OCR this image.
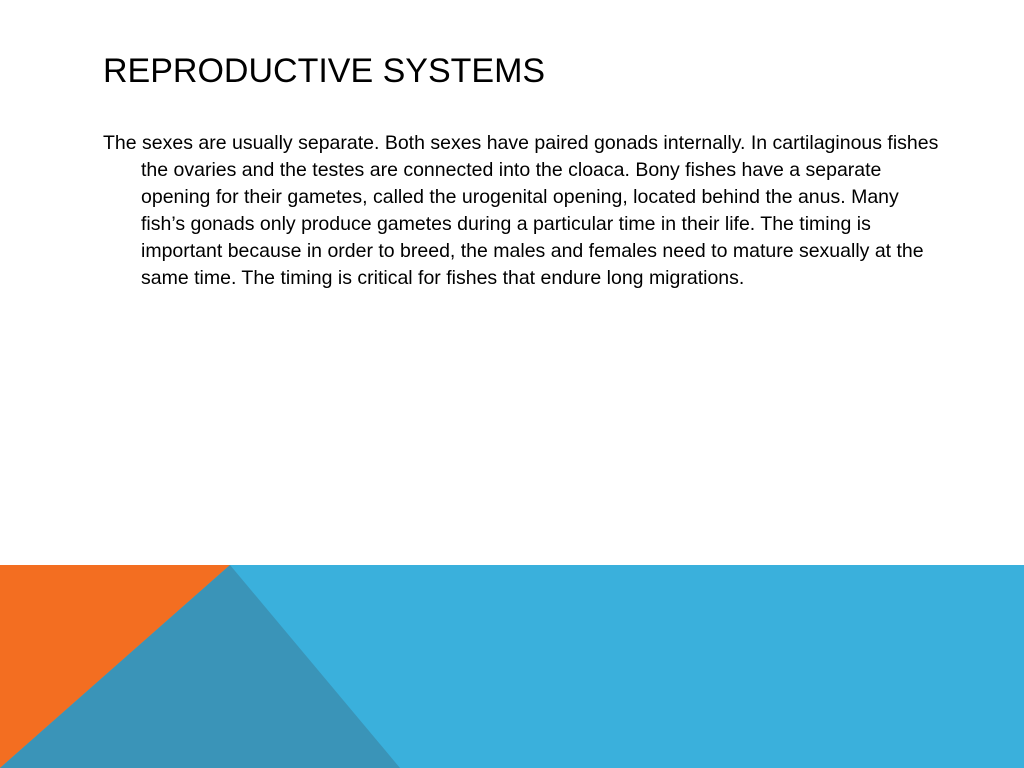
REPRODUCTIVE SYSTEMS

The sexes are usually separate. Both sexes have paired gonads internally. In cartilaginous fishes the ovaries and the testes are connected into the cloaca. Bony fishes have a separate opening for their gametes, called the urogenital opening, located behind the anus. Many fish’s gonads only produce gametes during a particular time in their life. The timing is important because in order to breed, the males and females need to mature sexually at the same time. The timing is critical for fishes that endure long migrations.
